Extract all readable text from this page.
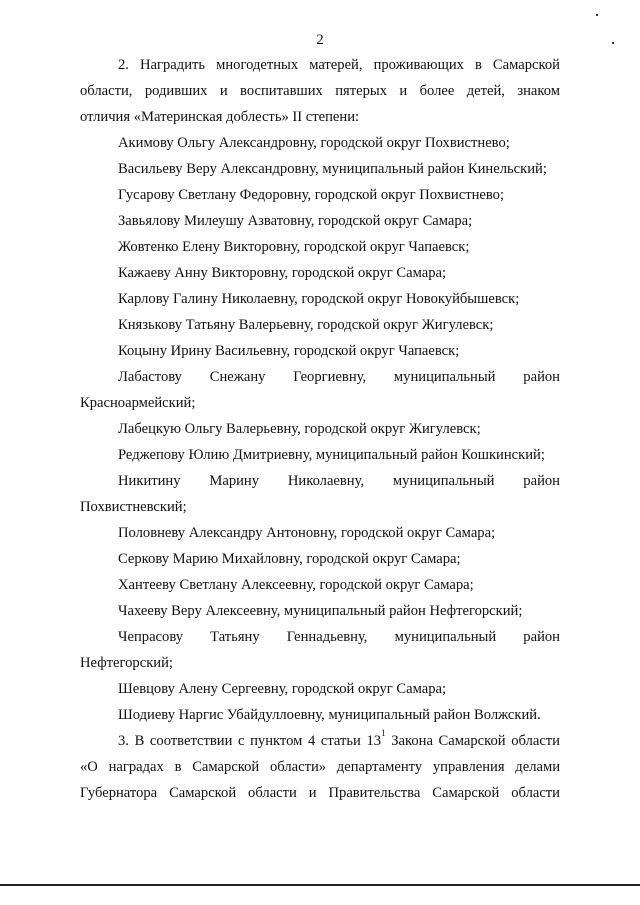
2

2. Наградить многодетных матерей, проживающих в Самарской

области, родивших и воспитавших пятерых и более детей, знаком

отличия «Материнская доблесть» II степени:

Акимову Ольгу Александровну, городской округ Похвистнево;

Васильеву Веру Александровну, муниципальный район Кинельский;

Гусарову Светлану Федоровну, городской округ Похвистнево;

Завьялову Милеушу Азватовну, городской округ Самара;

Жовтенко Елену Викторовну, городской округ Чапаевск;

Кажаеву Анну Викторовну, городской округ Самара;

Карлову Галину Николаевну, городской округ Новокуйбышевск;

Князькову Татьяну Валерьевну, городской округ Жигулевск;

Коцыну Ирину Васильевну, городской округ Чапаевск;

Лабастову Снежану Георгиевну, муниципальный район
Красноармейский;

Лабецкую Ольгу Валерьевну, городской округ Жигулевск;

Реджепову Юлию Дмитриевну, муниципальный район Кошкинский;

Никитину Марину Николаевну, муниципальный район
Похвистневский;

Половневу Александру Антоновну, городской округ Самара;

Серкову Марию Михайловну, городской округ Самара;

Хантееву Светлану Алексеевну, городской округ Самара;

Чахееву Веру Алексеевну, муниципальный район Нефтегорский;

Чепрасову Татьяну Геннадьевну, муниципальный район
Нефтегорский;

Шевцову Алену Сергеевну, городской округ Самара;

Шодиеву Наргис Убайдуллоевну, муниципальный район Волжский.

3. В соответствии с пунктом 4 статьи $13^1$ Закона Самарской области

«О наградах в Самарской области» департаменту управления делами

Губернатора Самарской области и Правительства Самарской области
